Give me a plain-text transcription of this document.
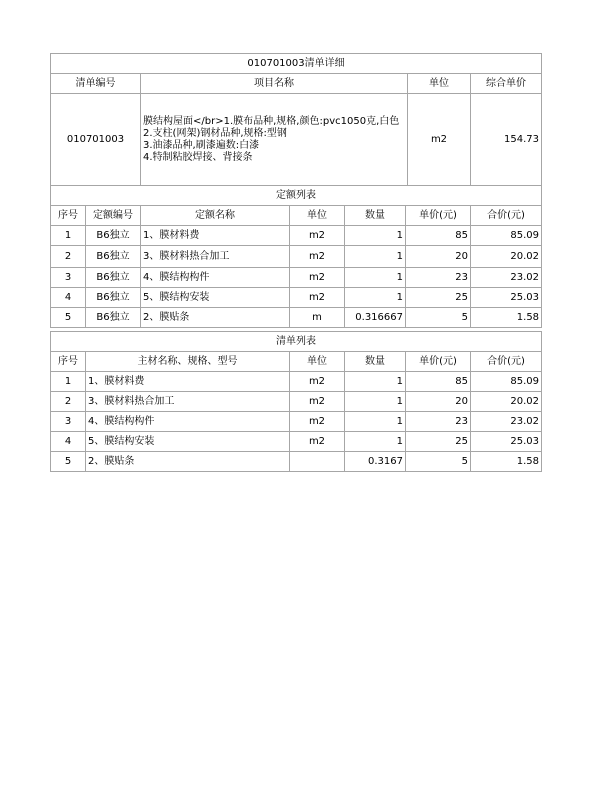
010701003清单详细			
清单编号	项目名称	单位	综合单价
010701003	膜结构屋面</br>1.膜布品种,规格,颜色:pvc1050克,白色
2.支柱(网架)钢材品种,规格:型钢
3.油漆品种,刷漆遍数:白漆
4.特制粘胶焊接、背接条	m2	154.73
定额列表						
序号	定额编号	定额名称	单位	数量	单价(元)	合价(元)
1	B6独立	1、膜材料费	m2	1	85	85.09
2	B6独立	3、膜材料热合加工	m2	1	20	20.02
3	B6独立	4、膜结构构件	m2	1	23	23.02
4	B6独立	5、膜结构安装	m2	1	25	25.03
5	B6独立	2、膜贴条	m	0.316667	5	1.58
清单列表					
序号	主材名称、规格、型号	单位	数量	单价(元)	合价(元)
1	1、膜材料费	m2	1	85	85.09
2	3、膜材料热合加工	m2	1	20	20.02
3	4、膜结构构件	m2	1	23	23.02
4	5、膜结构安装	m2	1	25	25.03
5	2、膜贴条		0.3167	5	1.58
